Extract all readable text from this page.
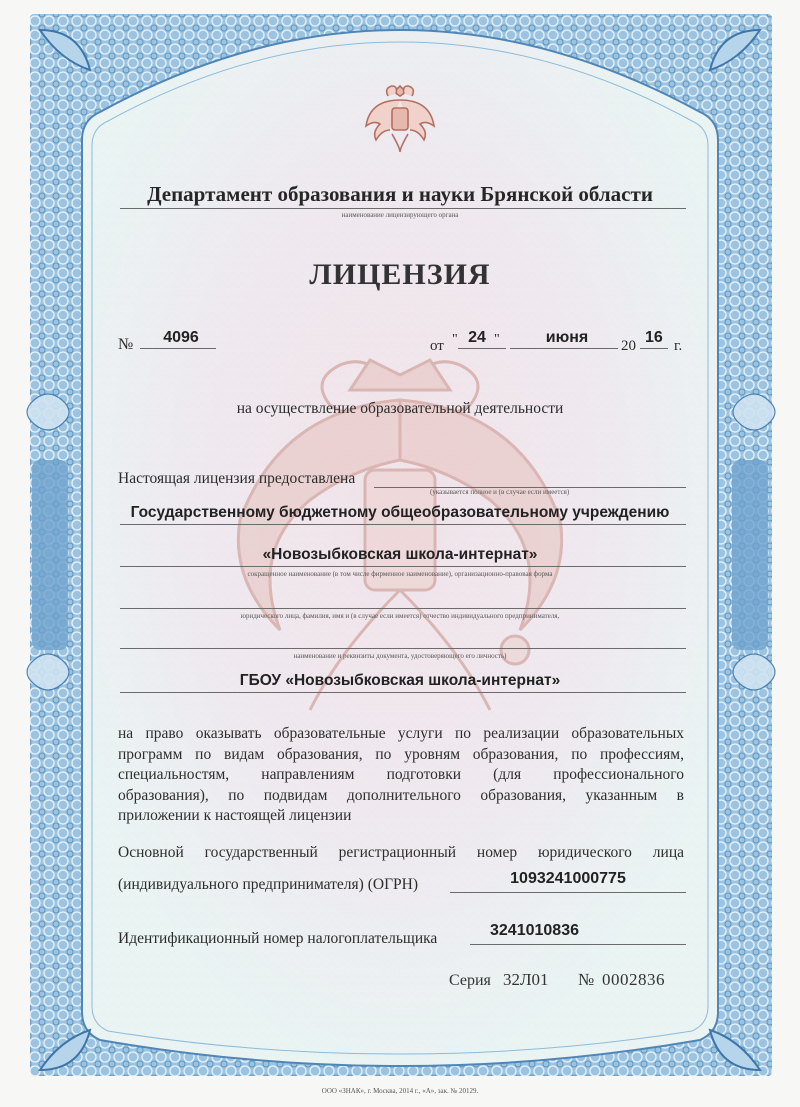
Департамент образования и науки Брянской области
наименование лицензирующего органа
ЛИЦЕНЗИЯ
№	4096	от " 24 "	июня	20 16 г.
на осуществление образовательной деятельности
Настоящая лицензия предоставлена
(указывается полное и (в случае если имеется)
Государственному бюджетному общеобразовательному учреждению
«Новозыбковская школа-интернат»
сокращенное наименование (в том числе фирменное наименование), организационно-правовая форма
юридического лица, фамилия, имя и (в случае если имеется) отчество индивидуального предпринимателя,
наименование и реквизиты документа, удостоверяющего его личность)
ГБОУ «Новозыбковская школа-интернат»
на право оказывать образовательные услуги по реализации образовательных
программ по видам образования, по уровням образования, по профессиям,
специальностям, направлениям подготовки (для профессионального
образования), по подвидам дополнительного образования, указанным в
приложении к настоящей лицензии
Основной государственный регистрационный номер юридического лица
(индивидуального предпринимателя) (ОГРН)	1093241000775
Идентификационный номер налогоплательщика	3241010836
Серия 32Л01 № 0002836
ООО «ЗНАК», г. Москва, 2014 г., «А», зак. № 20129.
